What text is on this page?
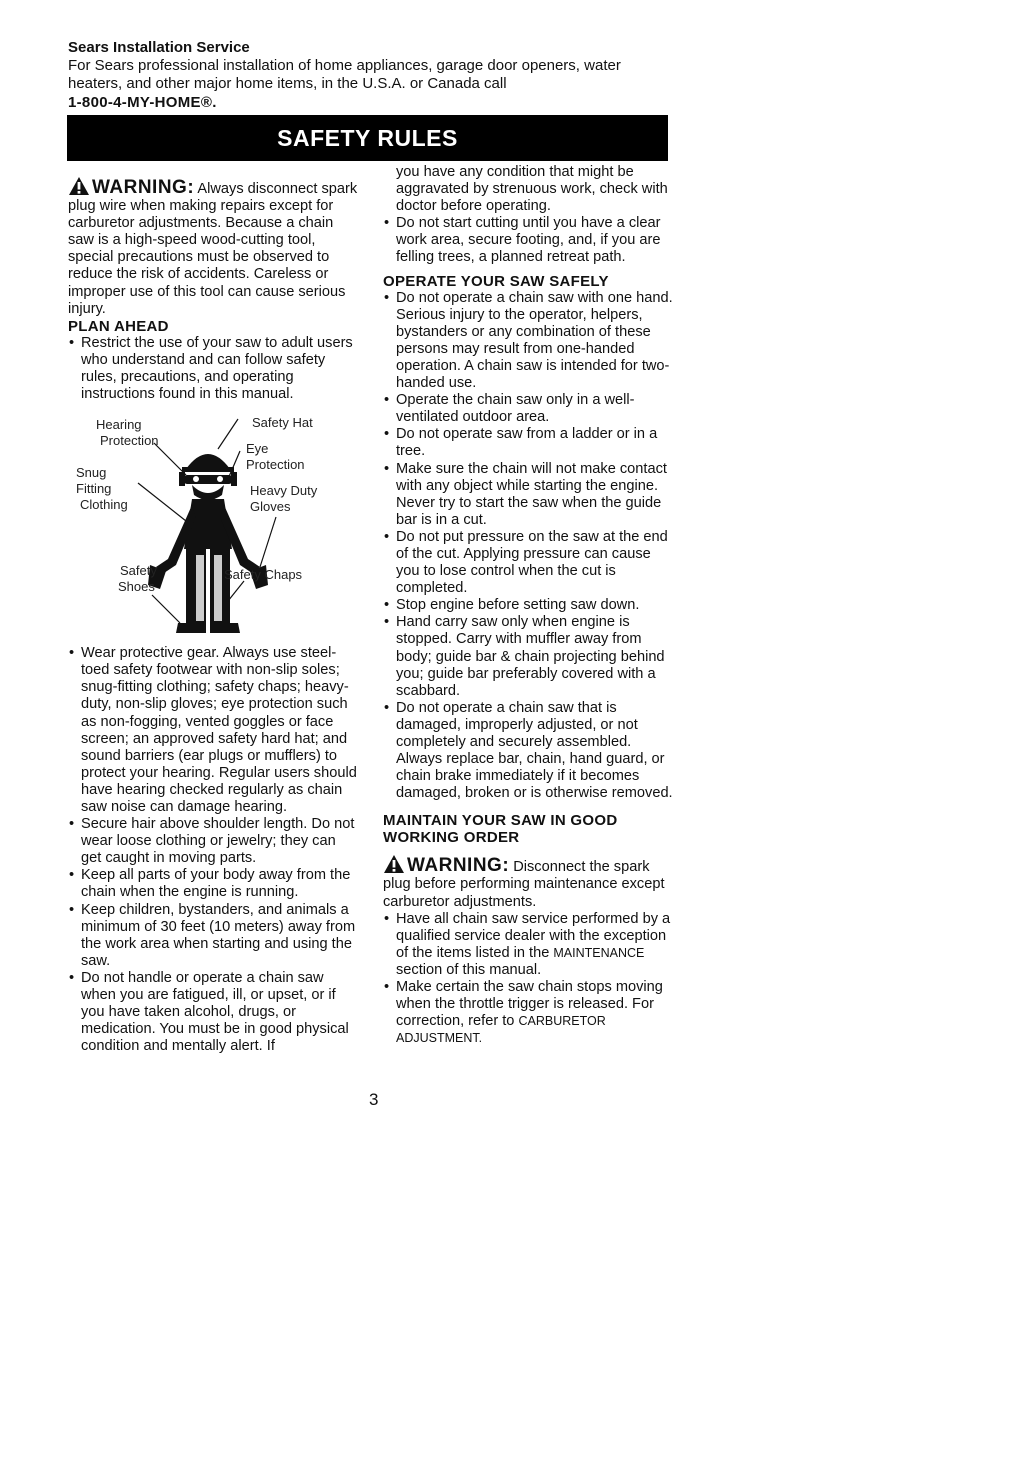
Sears Installation Service

For Sears professional installation of home appliances, garage door openers, water heaters, and other major home items, in the U.S.A. or Canada call

1-800-4-MY-HOME®.
SAFETY RULES

WARNING: Always disconnect spark plug wire when making repairs except for carburetor adjustments. Because a chain saw is a high-speed wood-cutting tool, special precautions must be observed to reduce the risk of accidents. Careless or improper use of this tool can cause serious injury.

PLAN AHEAD
• Restrict the use of your saw to adult users who understand and can follow safety rules, precautions, and operating instructions found in this manual.
Hearing
Protection
Safety Hat
Eye
Protection
Snug
Fitting
Clothing
Heavy Duty
Gloves
Safety
Shoes
Safety Chaps
• Wear protective gear. Always use steel-toed safety footwear with non-slip soles; snug-fitting clothing; safety chaps; heavy-duty, non-slip gloves; eye protection such as non-fogging, vented goggles or face screen; an approved safety hard hat; and sound barriers (ear plugs or mufflers) to protect your hearing. Regular users should have hearing checked regularly as chain saw noise can damage hearing.
• Secure hair above shoulder length. Do not wear loose clothing or jewelry; they can get caught in moving parts.
• Keep all parts of your body away from the chain when the engine is running.
• Keep children, bystanders, and animals a minimum of 30 feet (10 meters) away from the work area when starting and using the saw.
• Do not handle or operate a chain saw when you are fatigued, ill, or upset, or if you have taken alcohol, drugs, or medication. You must be in good physical condition and mentally alert. If

you have any condition that might be aggravated by strenuous work, check with doctor before operating.

• Do not start cutting until you have a clear work area, secure footing, and, if you are felling trees, a planned retreat path.
OPERATE YOUR SAW SAFELY
• Do not operate a chain saw with one hand. Serious injury to the operator, helpers, bystanders or any combination of these persons may result from one-handed operation. A chain saw is intended for two-handed use.
• Operate the chain saw only in a well-ventilated outdoor area.
• Do not operate saw from a ladder or in a tree.
• Make sure the chain will not make contact with any object while starting the engine. Never try to start the saw when the guide bar is in a cut.
• Do not put pressure on the saw at the end of the cut. Applying pressure can cause you to lose control when the cut is completed.
• Stop engine before setting saw down.
• Hand carry saw only when engine is stopped. Carry with muffler away from body; guide bar & chain projecting behind you; guide bar preferably covered with a scabbard.
• Do not operate a chain saw that is damaged, improperly adjusted, or not completely and securely assembled. Always replace bar, chain, hand guard, or chain brake immediately if it becomes damaged, broken or is otherwise removed.
MAINTAIN YOUR SAW IN GOOD WORKING ORDER

WARNING: Disconnect the spark plug before performing maintenance except carburetor adjustments.

• Have all chain saw service performed by a qualified service dealer with the exception of the items listed in the MAINTENANCE section of this manual.
• Make certain the saw chain stops moving when the throttle trigger is released. For correction, refer to CARBURETOR ADJUSTMENT.
3
